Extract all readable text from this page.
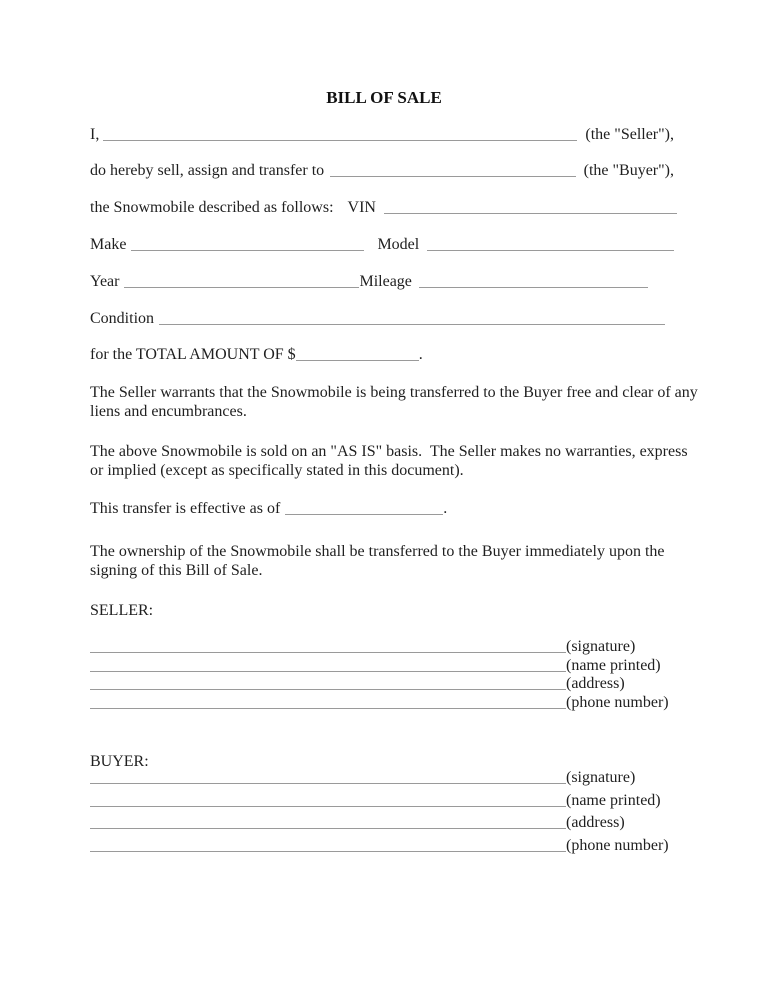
BILL OF SALE
I,	(the "Seller"),
do hereby sell, assign and transfer to	(the "Buyer"),
the Snowmobile described as follows: VIN
Make	Model
Year	Mileage
Condition
for the TOTAL AMOUNT OF $	.
The Seller warrants that the Snowmobile is being transferred to the Buyer free and clear of any
liens and encumbrances.
The above Snowmobile is sold on an "AS IS" basis.  The Seller makes no warranties, express
or implied (except as specifically stated in this document).
This transfer is effective as of	.
The ownership of the Snowmobile shall be transferred to the Buyer immediately upon the
signing of this Bill of Sale.
SELLER:
(signature)
(name printed)
(address)
(phone number)
BUYER:
(signature)
(name printed)
(address)
(phone number)
